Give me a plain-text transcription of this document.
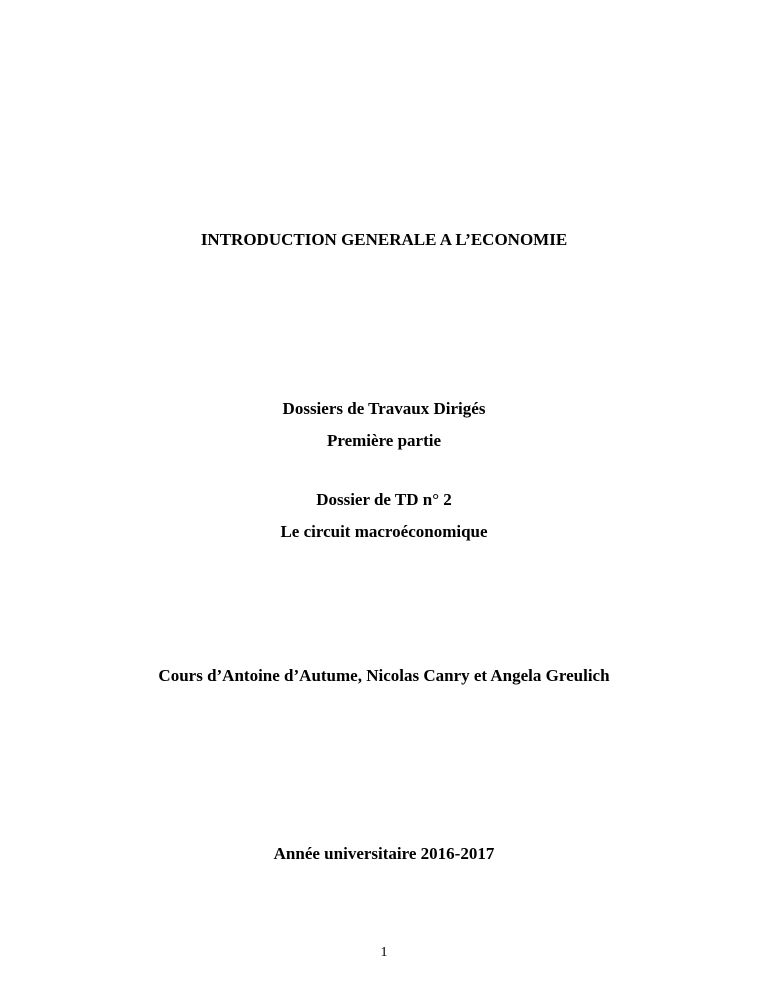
INTRODUCTION GENERALE A L’ECONOMIE
Dossiers de Travaux Dirigés
Première partie
Dossier de TD n° 2
Le circuit macroéconomique
Cours d’Antoine d’Autume, Nicolas Canry et Angela Greulich
Année universitaire 2016-2017
1
